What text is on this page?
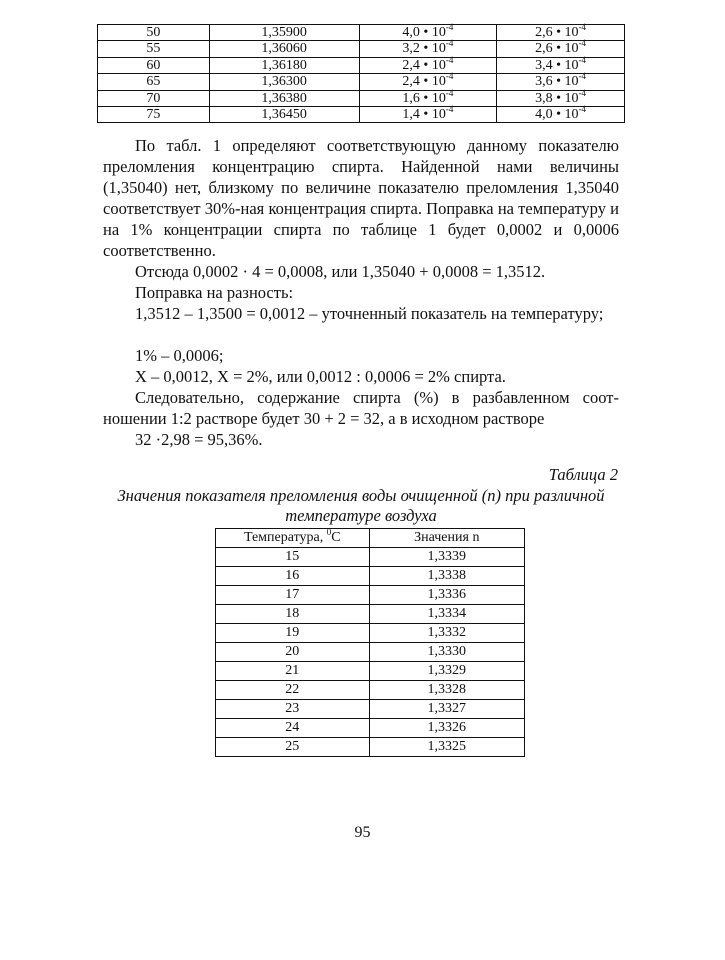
50	1,35900	4,0 • $10^{-4}$	2,6 • $10^{-4}$
55	1,36060	3,2 • $10^{-4}$	2,6 • $10^{-4}$
60	1,36180	2,4 • $10^{-4}$	3,4 • $10^{-4}$
65	1,36300	2,4 • $10^{-4}$	3,6 • $10^{-4}$
70	1,36380	1,6 • $10^{-4}$	3,8 • $10^{-4}$
75	1,36450	1,4 • $10^{-4}$	4,0 • $10^{-4}$

По табл. 1 определяют соответствующую данному показателю преломления концентрацию спирта. Найденной нами величины (1,35040) нет, близкому по величине показателю преломления 1,35040 соответствует 30%-ная концентрация спирта. Поправка на температуру и на 1% концентрации спирта по таблице 1 будет 0,0002 и 0,0006 соответственно.

Отсюда 0,0002 · 4 = 0,0008, или 1,35040 + 0,0008 = 1,3512.
Поправка на разность:

1,3512 – 1,3500 = 0,0012 – уточненный показатель на температуру;

1% – 0,0006;
X – 0,0012, X = 2%, или 0,0012 : 0,0006 = 2% спирта.

Следовательно, содержание спирта (%) в разбавленном соотношении 1:2 растворе будет 30 + 2 = 32, а в исходном растворе

32 ·2,98 = 95,36%.
Таблица 2
Значения показателя преломления воды очищенной (n) при различной температуре воздуха
Температура, $^0$С	Значения n
15	1,3339
16	1,3338
17	1,3336
18	1,3334
19	1,3332
20	1,3330
21	1,3329
22	1,3328
23	1,3327
24	1,3326
25	1,3325
95
